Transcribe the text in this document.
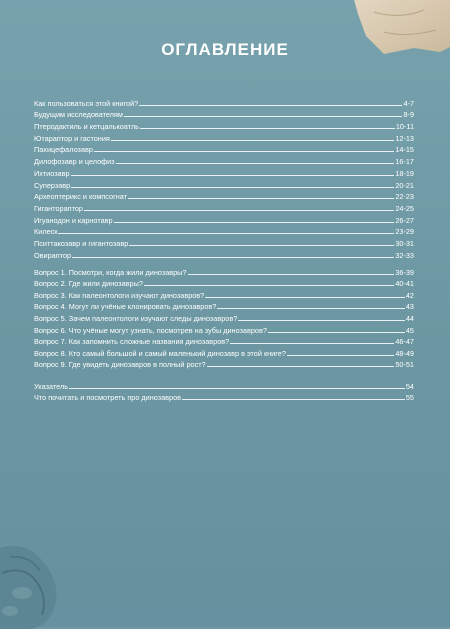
ОГЛАВЛЕНИЕ
Как пользоваться этой книгой?	4-7
Будущим исследователям	8-9
Птеродактиль и кетцалькоатль	10-11
Ютараптор и гастония	12-13
Пахицефалозавр	14-15
Дилофозавр и целофиз	16-17
Ихтиозавр	18-19
Суперзавр	20-21
Археоптерикс и компсогнат	22-23
Гиганторaптор	24-25
Игуанодон и карнотавр	26-27
Килеск	23-29
Пситтакозавр и гигантозавр	30-31
Овираптор	32-33
Вопрос 1. Посмотри, когда жили динозавры?	36-39
Вопрос 2. Где жили динозавры?	40-41
Вопрос 3. Как палеонтологи изучают динозавров?	42
Вопрос 4. Могут ли учёные клонировать динозавров?	43
Вопрос 5. Зачем палеонтологи изучают следы динозавров?	44
Вопрос 6. Что учёные могут узнать, посмотрев на зубы динозавров?	45
Вопрос 7. Как запомнить сложные названия динозавров?	46-47
Вопрос 8. Кто самый большой и самый маленький динозавр в этой книге?	48-49
Вопрос 9. Где увидеть динозавров в полный рост?	50-51
Указатель	54
Что почитать и посмотреть про динозавров	55
